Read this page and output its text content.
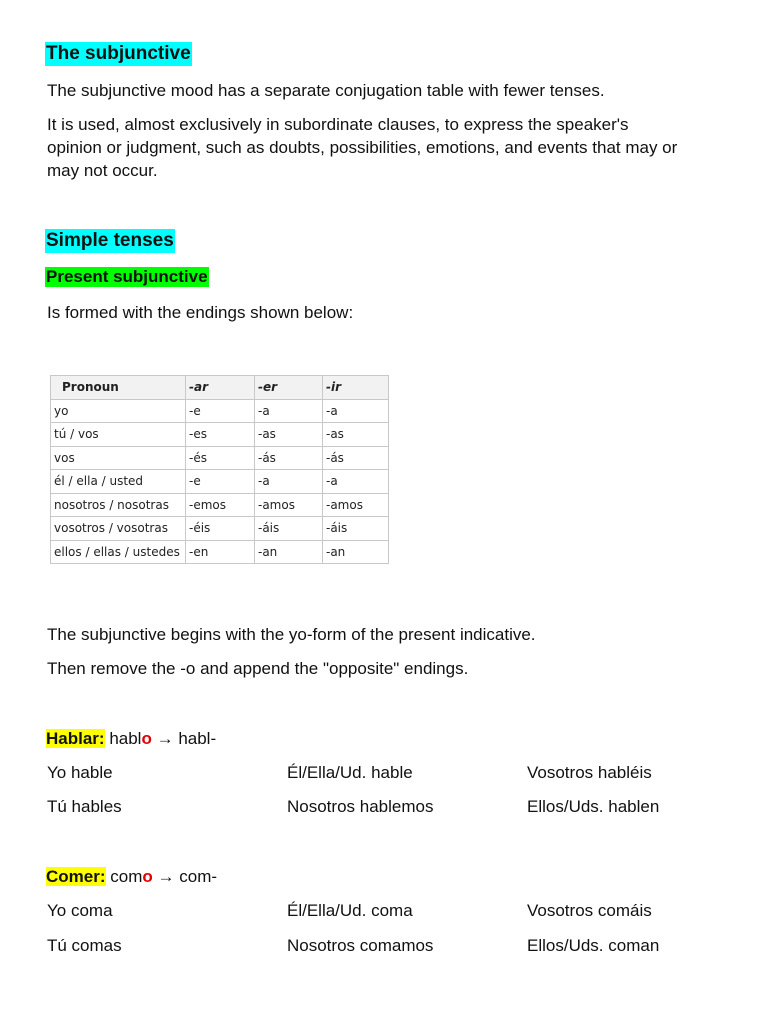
The subjunctive
The subjunctive mood has a separate conjugation table with fewer tenses.
It is used, almost exclusively in subordinate clauses, to express the speaker's
opinion or judgment, such as doubts, possibilities, emotions, and events that may or
may not occur.
Simple tenses
Present subjunctive
Is formed with the endings shown below:
Pronoun	-ar	-er	-ir
yo	-e	-a	-a
tú / vos	-es	-as	-as
vos	-és	-ás	-ás
él / ella / usted	-e	-a	-a
nosotros / nosotras	-emos	-amos	-amos
vosotros / vosotras	-éis	-áis	-áis
ellos / ellas / ustedes	-en	-an	-an
The subjunctive begins with the yo-form of the present indicative.
Then remove the -o and append the "opposite" endings.
Hablar: hablo → habl-
Yo hable	Él/Ella/Ud. hable	Vosotros habléis
Tú hables	Nosotros hablemos	Ellos/Uds. hablen
Comer: como → com-
Yo coma	Él/Ella/Ud. coma	Vosotros comáis
Tú comas	Nosotros comamos	Ellos/Uds. coman
